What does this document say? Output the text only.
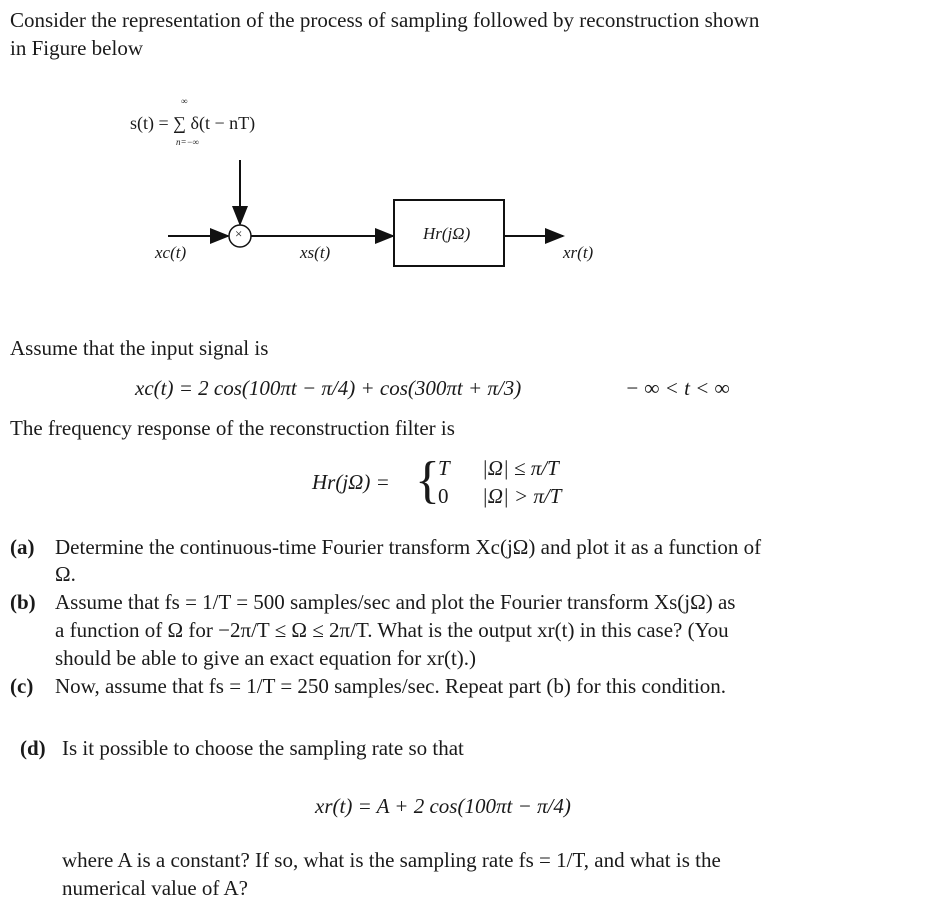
Consider the representation of the process of sampling followed by reconstruction shown
in Figure below
s(t) = ∑ δ(t − nT)
∞
n=−∞
×
xc(t)	xs(t)
Hr(jΩ)
xr(t)
Assume that the input signal is
xc(t) = 2 cos(100πt − π/4) + cos(300πt + π/3)	− ∞ < t < ∞
The frequency response of the reconstruction filter is
Hr(jΩ) = {
T |Ω| ≤ π/T
0 |Ω| > π/T
(a) Determine the continuous-time Fourier transform Xc(jΩ) and plot it as a function of
Ω.
(b) Assume that fs = 1/T = 500 samples/sec and plot the Fourier transform Xs(jΩ) as
a function of Ω for −2π/T ≤ Ω ≤ 2π/T. What is the output xr(t) in this case? (You
should be able to give an exact equation for xr(t).)
(c) Now, assume that fs = 1/T = 250 samples/sec. Repeat part (b) for this condition.
(d) Is it possible to choose the sampling rate so that
xr(t) = A + 2 cos(100πt − π/4)
where A is a constant? If so, what is the sampling rate fs = 1/T, and what is the
numerical value of A?
